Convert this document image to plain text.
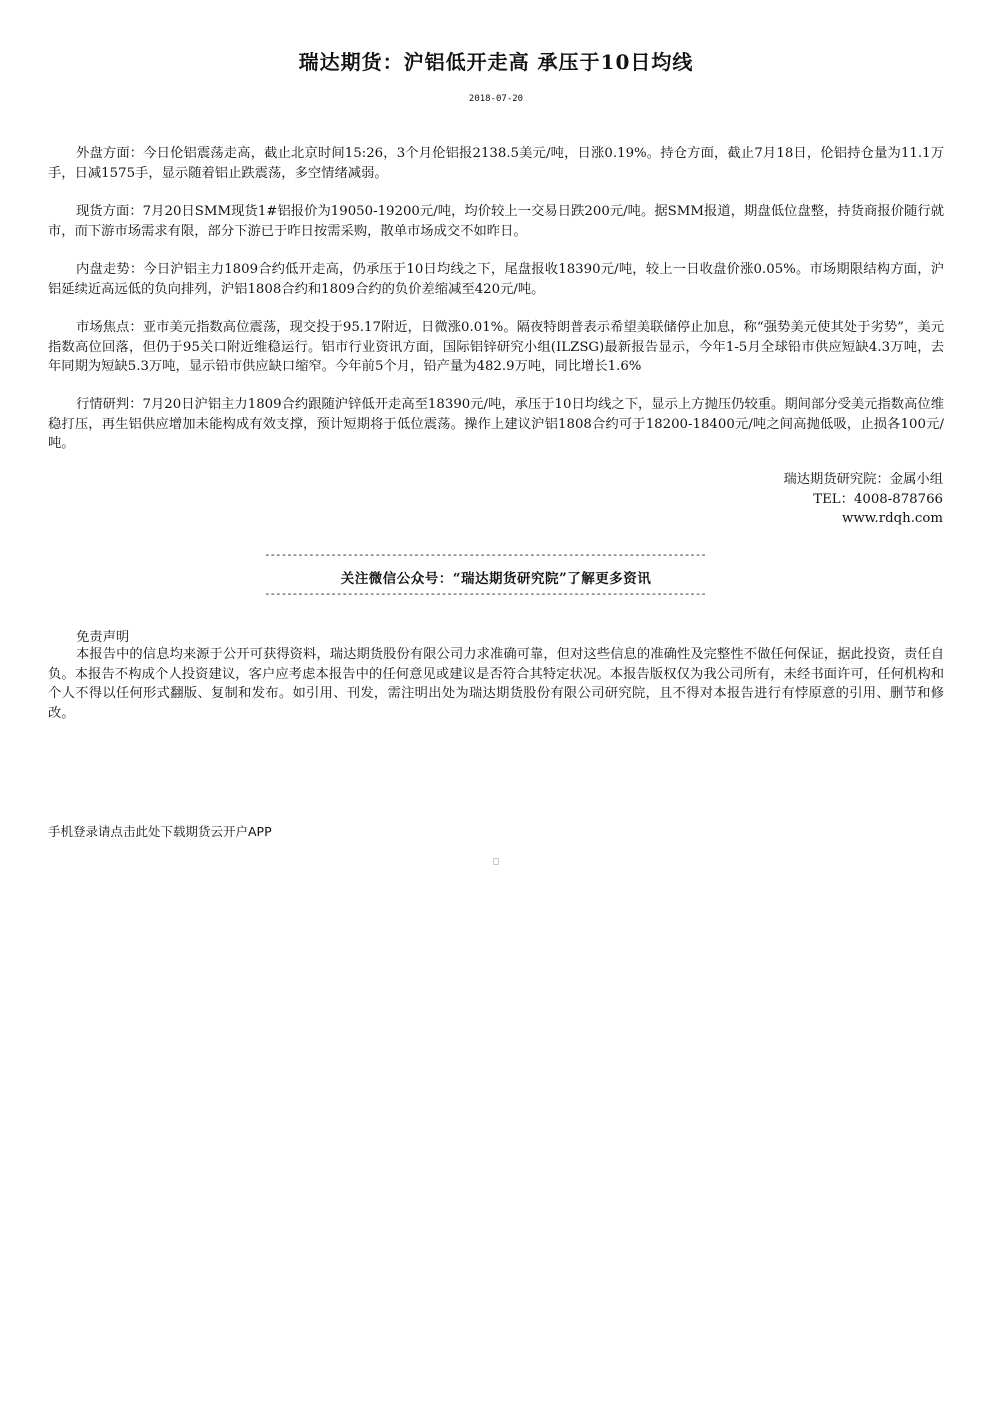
瑞达期货：沪铝低开走高 承压于10日均线
2018-07-20

外盘方面：今日伦铝震荡走高，截止北京时间15:26，3个月伦铝报2138.5美元/吨，日涨0.19%。持仓方面，截止7月18日，伦铝持仓量为11.1万手，日减1575手，显示随着铝止跌震荡，多空情绪减弱。

现货方面：7月20日SMM现货1#铝报价为19050-19200元/吨，均价较上一交易日跌200元/吨。据SMM报道，期盘低位盘整，持货商报价随行就市，而下游市场需求有限，部分下游已于昨日按需采购，散单市场成交不如昨日。

内盘走势：今日沪铝主力1809合约低开走高，仍承压于10日均线之下，尾盘报收18390元/吨，较上一日收盘价涨0.05%。市场期限结构方面，沪铝延续近高远低的负向排列，沪铝1808合约和1809合约的负价差缩减至420元/吨。

市场焦点：亚市美元指数高位震荡，现交投于95.17附近，日微涨0.01%。隔夜特朗普表示希望美联储停止加息，称“强势美元使其处于劣势”，美元指数高位回落，但仍于95关口附近维稳运行。铝市行业资讯方面，国际铝锌研究小组(ILZSG)最新报告显示，今年1-5月全球铅市供应短缺4.3万吨，去年同期为短缺5.3万吨，显示铅市供应缺口缩窄。今年前5个月，铅产量为482.9万吨，同比增长1.6%

行情研判：7月20日沪铝主力1809合约跟随沪锌低开走高至18390元/吨，承压于10日均线之下，显示上方抛压仍较重。期间部分受美元指数高位维稳打压，再生铝供应增加未能构成有效支撑，预计短期将于低位震荡。操作上建议沪铝1808合约可于18200-18400元/吨之间高抛低吸，止损各100元/吨。

瑞达期货研究院：金属小组
TEL：4008-878766
www.rdqh.com
--------------------------------------------------------------------------------
关注微信公众号：“瑞达期货研究院”了解更多资讯
--------------------------------------------------------------------------------
免责声明

本报告中的信息均来源于公开可获得资料，瑞达期货股份有限公司力求准确可靠，但对这些信息的准确性及完整性不做任何保证，据此投资，责任自负。本报告不构成个人投资建议，客户应考虑本报告中的任何意见或建议是否符合其特定状况。本报告版权仅为我公司所有，未经书面许可，任何机构和个人不得以任何形式翻版、复制和发布。如引用、刊发，需注明出处为瑞达期货股份有限公司研究院，且不得对本报告进行有悖原意的引用、删节和修改。

手机登录请点击此处下载期货云开户APP
